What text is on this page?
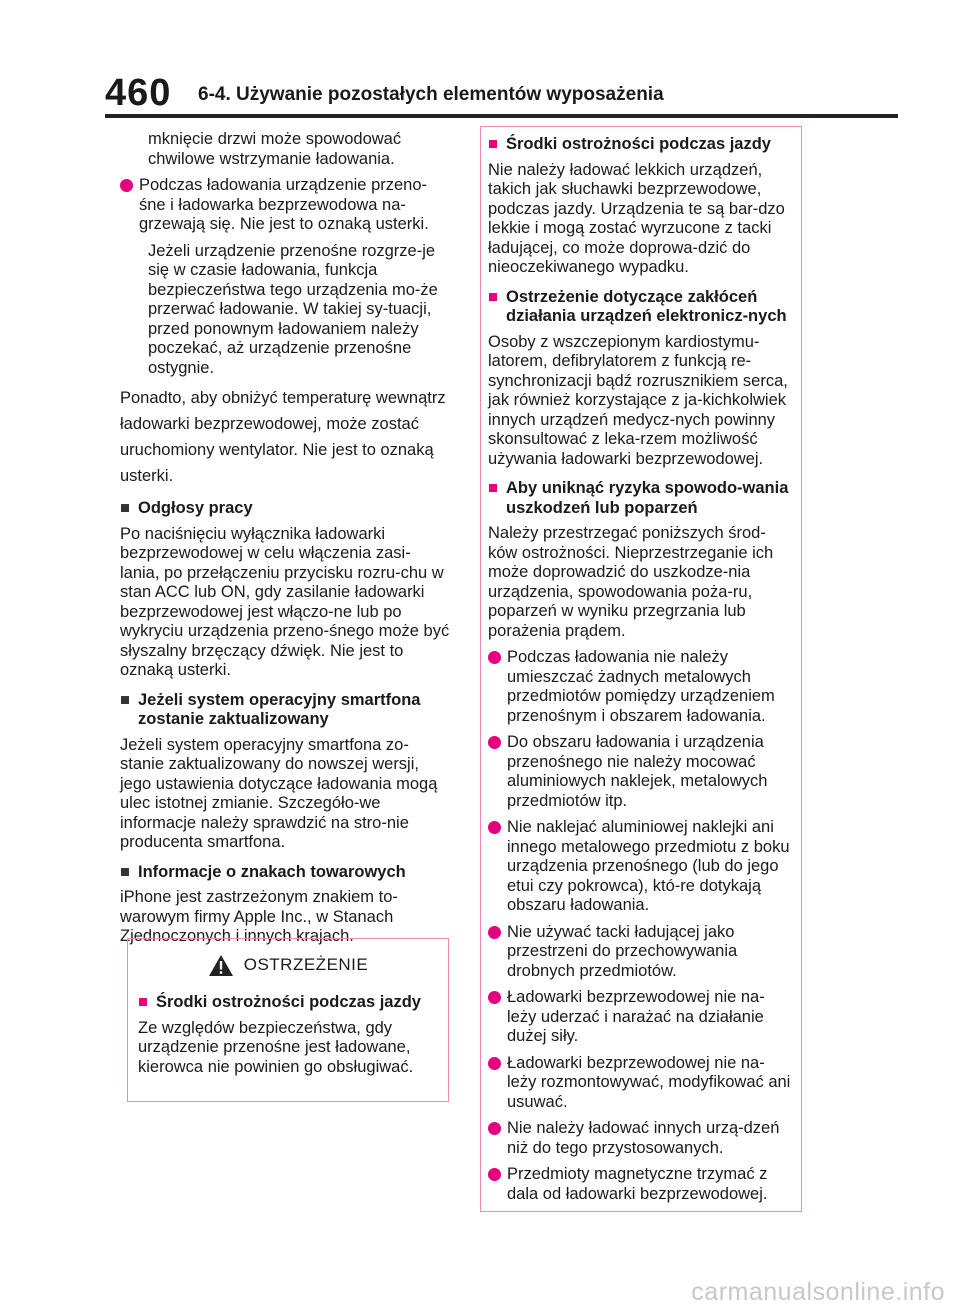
460 6-4. Używanie pozostałych elementów wyposażenia

mknięcie drzwi może spowodować chwilowe wstrzymanie ładowania.

Podczas ładowania urządzenie przeno-śne i ładowarka bezprzewodowa na-grzewają się. Nie jest to oznaką usterki.

Jeżeli urządzenie przenośne rozgrze-je się w czasie ładowania, funkcja bezpieczeństwa tego urządzenia mo-że przerwać ładowanie. W takiej sy-tuacji, przed ponownym ładowaniem należy poczekać, aż urządzenie przenośne ostygnie.

Ponadto, aby obniżyć temperaturę wewnątrz ładowarki bezprzewodowej, może zostać uruchomiony wentylator. Nie jest to oznaką usterki.

■ Odgłosy pracy

Po naciśnięciu wyłącznika ładowarki bezprzewodowej w celu włączenia zasi-lania, po przełączeniu przycisku rozru-chu w stan ACC lub ON, gdy zasilanie ładowarki bezprzewodowej jest włączo-ne lub po wykryciu urządzenia przeno-śnego może być słyszalny brzęczący dźwięk. Nie jest to oznaką usterki.

■ Jeżeli system operacyjny smartfona zostanie zaktualizowany

Jeżeli system operacyjny smartfona zo-stanie zaktualizowany do nowszej wersji, jego ustawienia dotyczące ładowania mogą ulec istotnej zmianie. Szczegóło-we informacje należy sprawdzić na stro-nie producenta smartfona.

■ Informacje o znakach towarowych

iPhone jest zastrzeżonym znakiem to-warowym firmy Apple Inc., w Stanach Zjednoczonych i innych krajach.

OSTRZEŻENIE
■ Środki ostrożności podczas jazdy

Ze względów bezpieczeństwa, gdy urządzenie przenośne jest ładowane, kierowca nie powinien go obsługiwać.

■ Środki ostrożności podczas jazdy

Nie należy ładować lekkich urządzeń, takich jak słuchawki bezprzewodowe, podczas jazdy. Urządzenia te są bar-dzo lekkie i mogą zostać wyrzucone z tacki ładującej, co może doprowa-dzić do nieoczekiwanego wypadku.

■ Ostrzeżenie dotyczące zakłóceń działania urządzeń elektronicz-nych

Osoby z wszczepionym kardiostymu-latorem, defibrylatorem z funkcją re-synchronizacji bądź rozrusznikiem serca, jak również korzystające z ja-kichkolwiek innych urządzeń medycz-nych powinny skonsultować z leka-rzem możliwość używania ładowarki bezprzewodowej.

■ Aby uniknąć ryzyka spowodo-wania uszkodzeń lub poparzeń

Należy przestrzegać poniższych środ-ków ostrożności. Nieprzestrzeganie ich może doprowadzić do uszkodze-nia urządzenia, spowodowania poża-ru, poparzeń w wyniku przegrzania lub porażenia prądem.

Podczas ładowania nie należy umieszczać żadnych metalowych przedmiotów pomiędzy urządzeniem przenośnym i obszarem ładowania.
Do obszaru ładowania i urządzenia przenośnego nie należy mocować aluminiowych naklejek, metalowych przedmiotów itp.
Nie naklejać aluminiowej naklejki ani innego metalowego przedmiotu z boku urządzenia przenośnego (lub do jego etui czy pokrowca), któ-re dotykają obszaru ładowania.
Nie używać tacki ładującej jako przestrzeni do przechowywania drobnych przedmiotów.
Ładowarki bezprzewodowej nie na-leży uderzać i narażać na działanie dużej siły.
Ładowarki bezprzewodowej nie na-leży rozmontowywać, modyfikować ani usuwać.
Nie należy ładować innych urzą-dzeń niż do tego przystosowanych.
Przedmioty magnetyczne trzymać z dala od ładowarki bezprzewodowej.
carmanualsonline.info
